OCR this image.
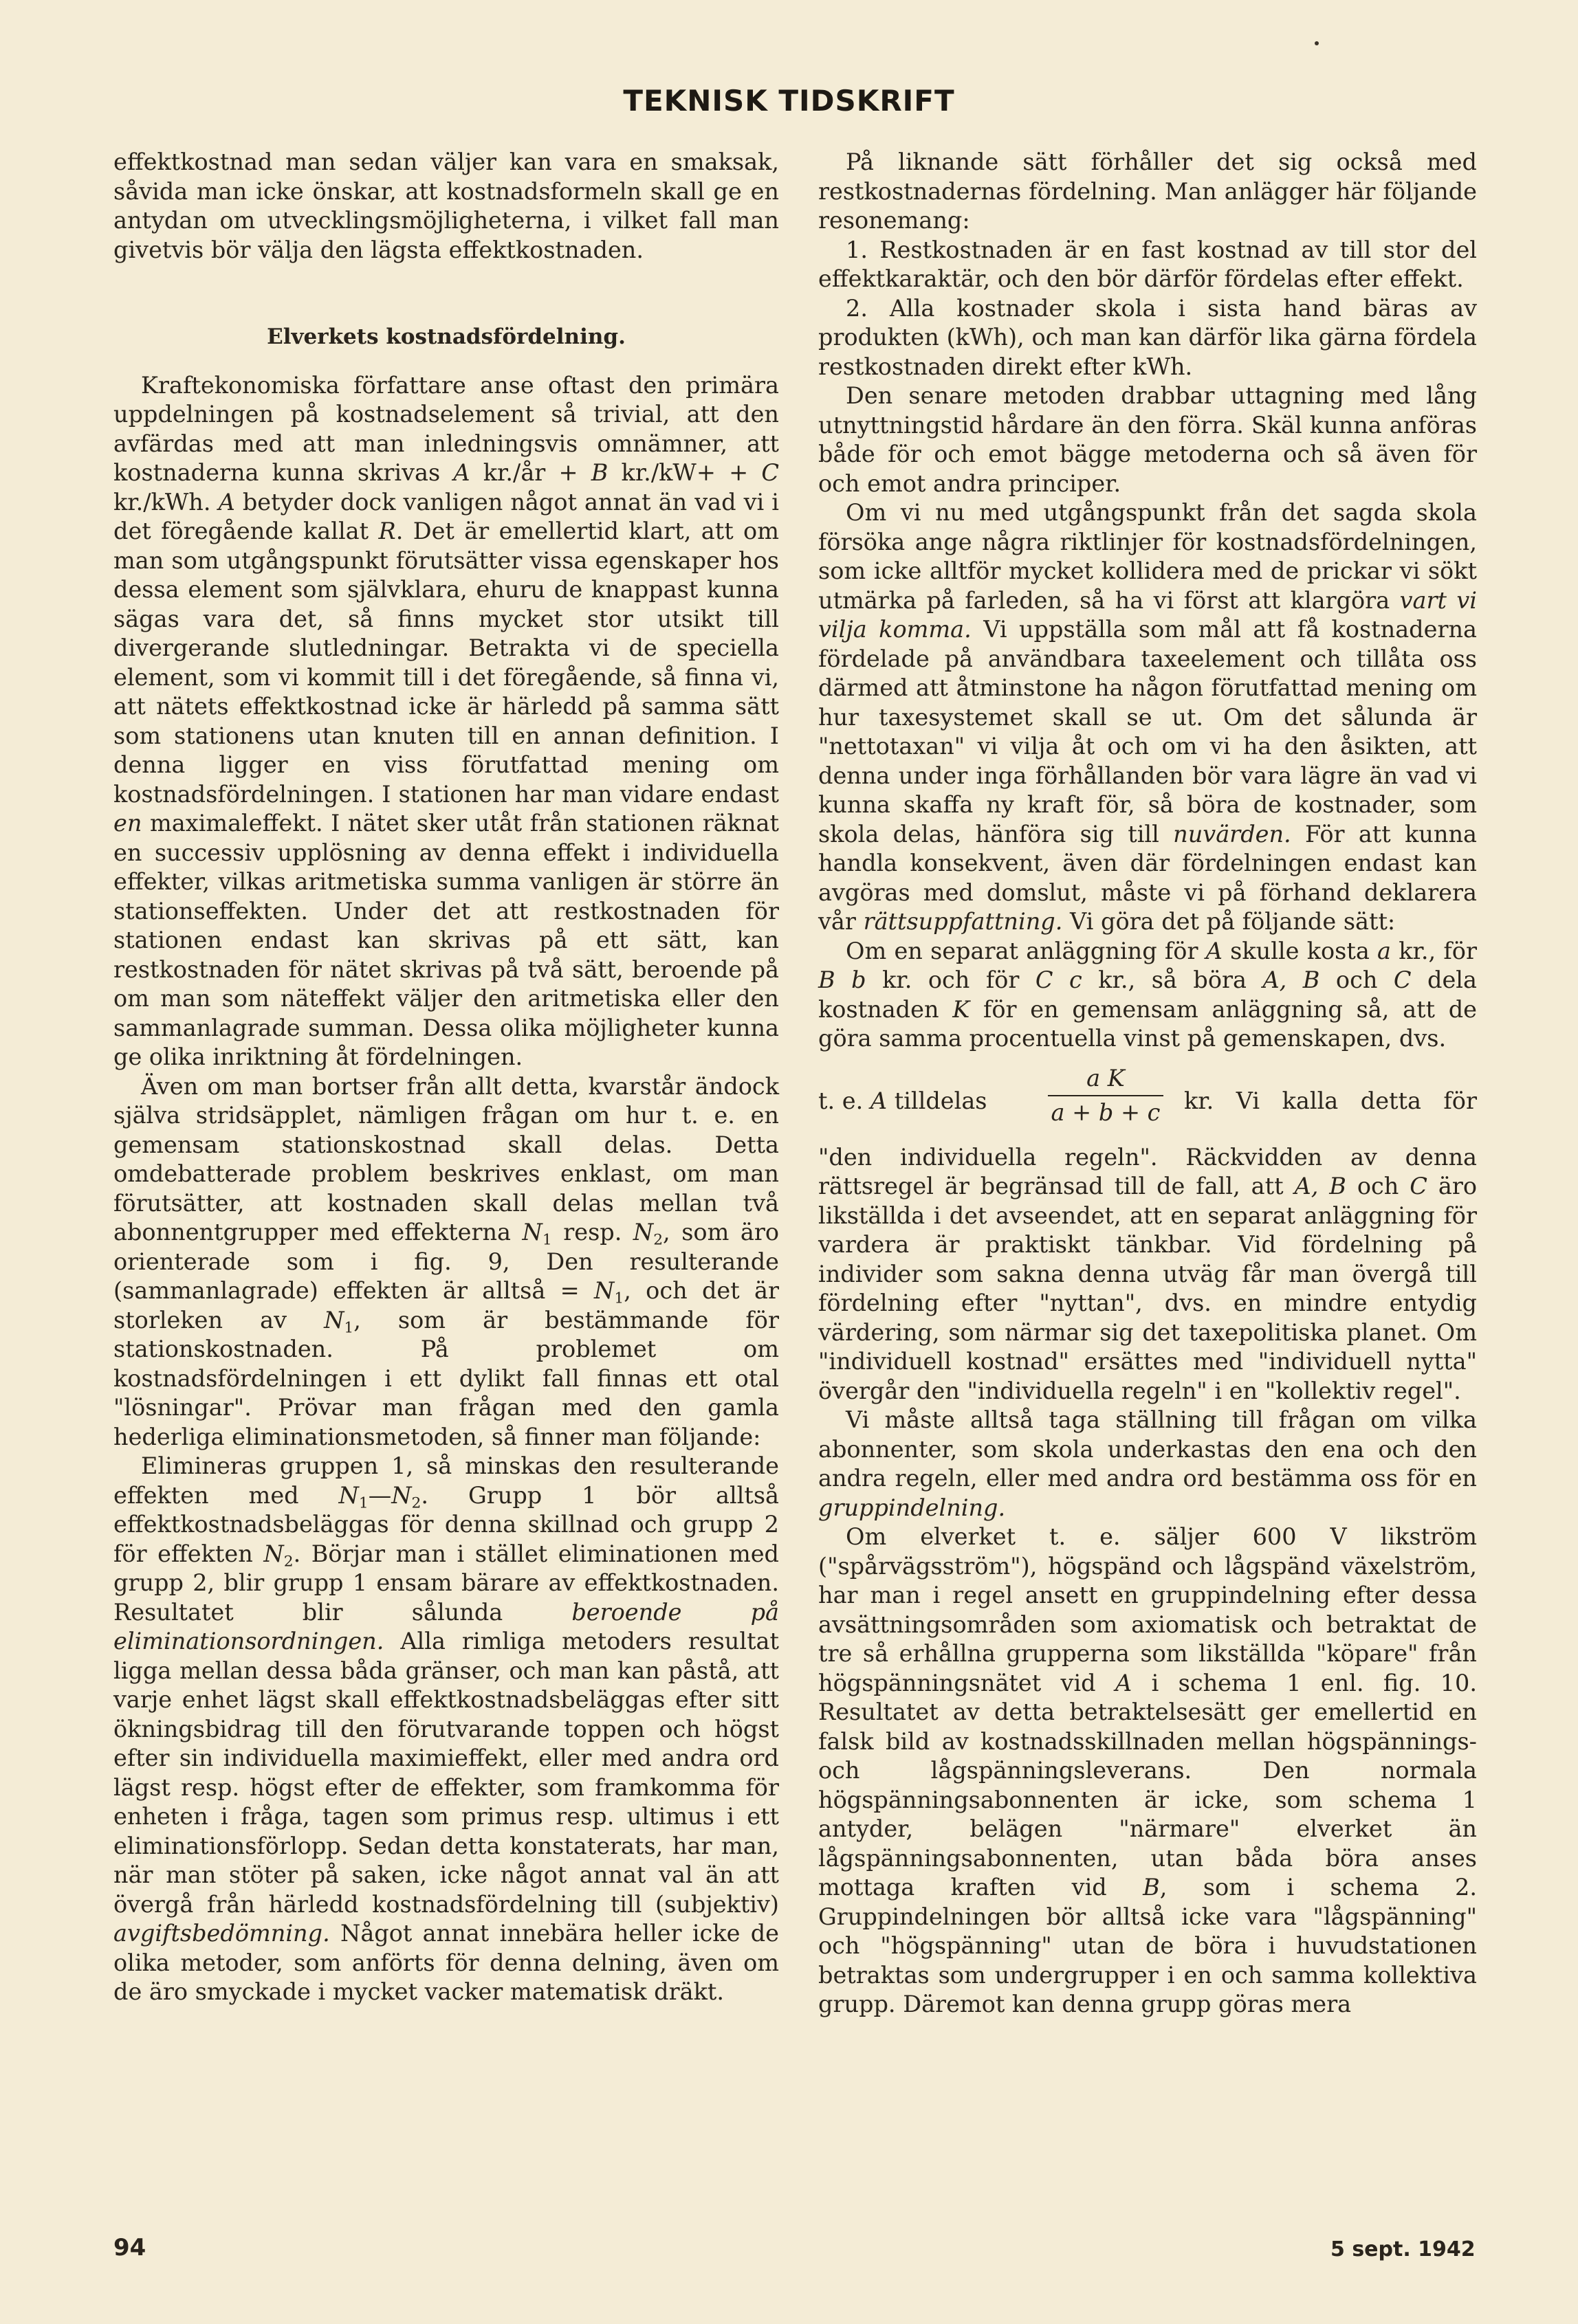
TEKNISK TIDSKRIFT

effektkostnad man sedan väljer kan vara en smaksak, såvida man icke önskar, att kostnadsformeln skall ge en antydan om utvecklingsmöjligheterna, i vilket fall man givetvis bör välja den lägsta effektkostnaden.

Elverkets kostnadsfördelning.

Kraftekonomiska författare anse oftast den primära uppdelningen på kostnadselement så trivial, att den avfärdas med att man inledningsvis omnämner, att kostnaderna kunna skrivas A kr./år + B kr./kW+ + C kr./kWh. A betyder dock vanligen något annat än vad vi i det föregående kallat R. Det är emellertid klart, att om man som utgångspunkt förutsätter vissa egenskaper hos dessa element som självklara, ehuru de knappast kunna sägas vara det, så finns mycket stor utsikt till divergerande slutledningar. Betrakta vi de speciella element, som vi kommit till i det föregående, så finna vi, att nätets effektkostnad icke är härledd på samma sätt som stationens utan knuten till en annan definition. I denna ligger en viss förutfattad mening om kostnadsfördelningen. I stationen har man vidare endast en maximaleffekt. I nätet sker utåt från stationen räknat en successiv upplösning av denna effekt i individuella effekter, vilkas aritmetiska summa vanligen är större än stationseffekten. Under det att restkostnaden för stationen endast kan skrivas på ett sätt, kan restkostnaden för nätet skrivas på två sätt, beroende på om man som näteffekt väljer den aritmetiska eller den sammanlagrade summan. Dessa olika möjligheter kunna ge olika inriktning åt fördelningen.

Även om man bortser från allt detta, kvarstår ändock själva stridsäpplet, nämligen frågan om hur t. e. en gemensam stationskostnad skall delas. Detta omdebatterade problem beskrives enklast, om man förutsätter, att kostnaden skall delas mellan två abonnentgrupper med effekterna $N_1$ resp. $N_2$, som äro orienterade som i fig. 9, Den resulterande (sammanlagrade) effekten är alltså = $N_1$, och det är storleken av $N_1$, som är bestämmande för stationskostnaden. På problemet om kostnadsfördelningen i ett dylikt fall finnas ett otal "lösningar". Prövar man frågan med den gamla hederliga eliminationsmetoden, så finner man följande:

Elimineras gruppen 1, så minskas den resulterande effekten med $N_1—N_2$. Grupp 1 bör alltså effektkostnadsbeläggas för denna skillnad och grupp 2 för effekten $N_2$. Börjar man i stället eliminationen med grupp 2, blir grupp 1 ensam bärare av effektkostnaden. Resultatet blir sålunda beroende på eliminationsordningen. Alla rimliga metoders resultat ligga mellan dessa båda gränser, och man kan påstå, att varje enhet lägst skall effektkostnadsbeläggas efter sitt ökningsbidrag till den förutvarande toppen och högst efter sin individuella maximieffekt, eller med andra ord lägst resp. högst efter de effekter, som framkomma för enheten i fråga, tagen som primus resp. ultimus i ett eliminationsförlopp. Sedan detta konstaterats, har man, när man stöter på saken, icke något annat val än att övergå från härledd kostnadsfördelning till (subjektiv) avgiftsbedömning. Något annat innebära heller icke de olika metoder, som anförts för denna delning, även om de äro smyckade i mycket vacker matematisk dräkt.

På liknande sätt förhåller det sig också med restkostnadernas fördelning. Man anlägger här följande resonemang:

1. Restkostnaden är en fast kostnad av till stor del effektkaraktär, och den bör därför fördelas efter effekt.

2. Alla kostnader skola i sista hand bäras av produkten (kWh), och man kan därför lika gärna fördela restkostnaden direkt efter kWh.

Den senare metoden drabbar uttagning med lång utnyttningstid hårdare än den förra. Skäl kunna anföras både för och emot bägge metoderna och så även för och emot andra principer.

Om vi nu med utgångspunkt från det sagda skola försöka ange några riktlinjer för kostnadsfördelningen, som icke alltför mycket kollidera med de prickar vi sökt utmärka på farleden, så ha vi först att klargöra vart vi vilja komma. Vi uppställa som mål att få kostnaderna fördelade på användbara taxeelement och tillåta oss därmed att åtminstone ha någon förutfattad mening om hur taxesystemet skall se ut. Om det sålunda är "nettotaxan" vi vilja åt och om vi ha den åsikten, att denna under inga förhållanden bör vara lägre än vad vi kunna skaffa ny kraft för, så böra de kostnader, som skola delas, hänföra sig till nuvärden. För att kunna handla konsekvent, även där fördelningen endast kan avgöras med domslut, måste vi på förhand deklarera vår rättsuppfattning. Vi göra det på följande sätt:

Om en separat anläggning för A skulle kosta a kr., för B b kr. och för C c kr., så böra A, B och C dela kostnaden K för en gemensam anläggning så, att de göra samma procentuella vinst på gemenskapen, dvs.

t. e. A tilldelas
a K
a + b + c	kr. Vi kalla detta för

"den individuella regeln". Räckvidden av denna rättsregel är begränsad till de fall, att A, B och C äro likställda i det avseendet, att en separat anläggning för vardera är praktiskt tänkbar. Vid fördelning på individer som sakna denna utväg får man övergå till fördelning efter "nyttan", dvs. en mindre entydig värdering, som närmar sig det taxepolitiska planet. Om "individuell kostnad" ersättes med "individuell nytta" övergår den "individuella regeln" i en "kollektiv regel".

Vi måste alltså taga ställning till frågan om vilka abonnenter, som skola underkastas den ena och den andra regeln, eller med andra ord bestämma oss för en gruppindelning.

Om elverket t. e. säljer 600 V likström ("spårvägsström"), högspänd och lågspänd växelström, har man i regel ansett en gruppindelning efter dessa avsättningsområden som axiomatisk och betraktat de tre så erhållna grupperna som likställda "köpare" från högspänningsnätet vid A i schema 1 enl. fig. 10. Resultatet av detta betraktelsesätt ger emellertid en falsk bild av kostnadsskillnaden mellan högspännings- och lågspänningsleverans. Den normala högspänningsabonnenten är icke, som schema 1 antyder, belägen "närmare" elverket än lågspänningsabonnenten, utan båda böra anses mottaga kraften vid B, som i schema 2. Gruppindelningen bör alltså icke vara "lågspänning" och "högspänning" utan de böra i huvudstationen betraktas som undergrupper i en och samma kollektiva grupp. Däremot kan denna grupp göras mera

94	5 sept. 1942
